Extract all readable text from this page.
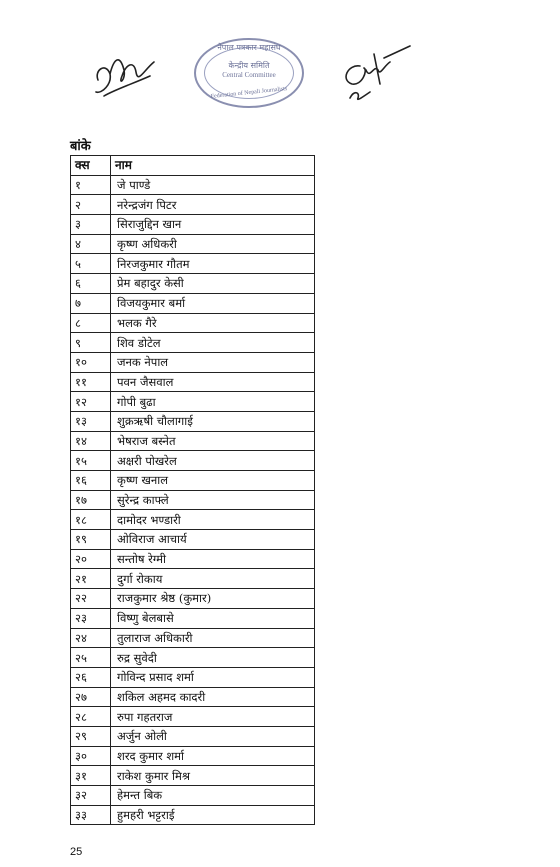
नेपाल पत्रकार महासंघ
केन्द्रीय समिति
Central Committee
Federation of Nepali Journalists
बांके
क्स	नाम
१	जे पाण्डे
२	नरेन्द्रजंग पिटर
३	सिराजुद्दिन खान
४	कृष्ण अधिकरी
५	निरजकुमार गौतम
६	प्रेम बहादुर केसी
७	विजयकुमार बर्मा
८	भलक गैरे
९	शिव डोटेल
१०	जनक नेपाल
११	पवन जैसवाल
१२	गोपी बुढा
१३	शुक्रऋषी चौलागाई
१४	भेषराज बस्नेत
१५	अक्षरी पोखरेल
१६	कृष्ण खनाल
१७	सुरेन्द्र काफ्ले
१८	दामोदर भण्डारी
१९	ओविराज आचार्य
२०	सन्तोष रेग्मी
२१	दुर्गा रोकाय
२२	राजकुमार श्रेष्ठ (कुमार)
२३	विष्णु बेलबासे
२४	तुलाराज अधिकारी
२५	रुद्र सुवेदी
२६	गोविन्द प्रसाद शर्मा
२७	शकिल अहमद कादरी
२८	रुपा गहतराज
२९	अर्जुन ओली
३०	शरद कुमार शर्मा
३१	राकेश कुमार मिश्र
३२	हेमन्त बिक
३३	हुमहरी भट्टराई
25
